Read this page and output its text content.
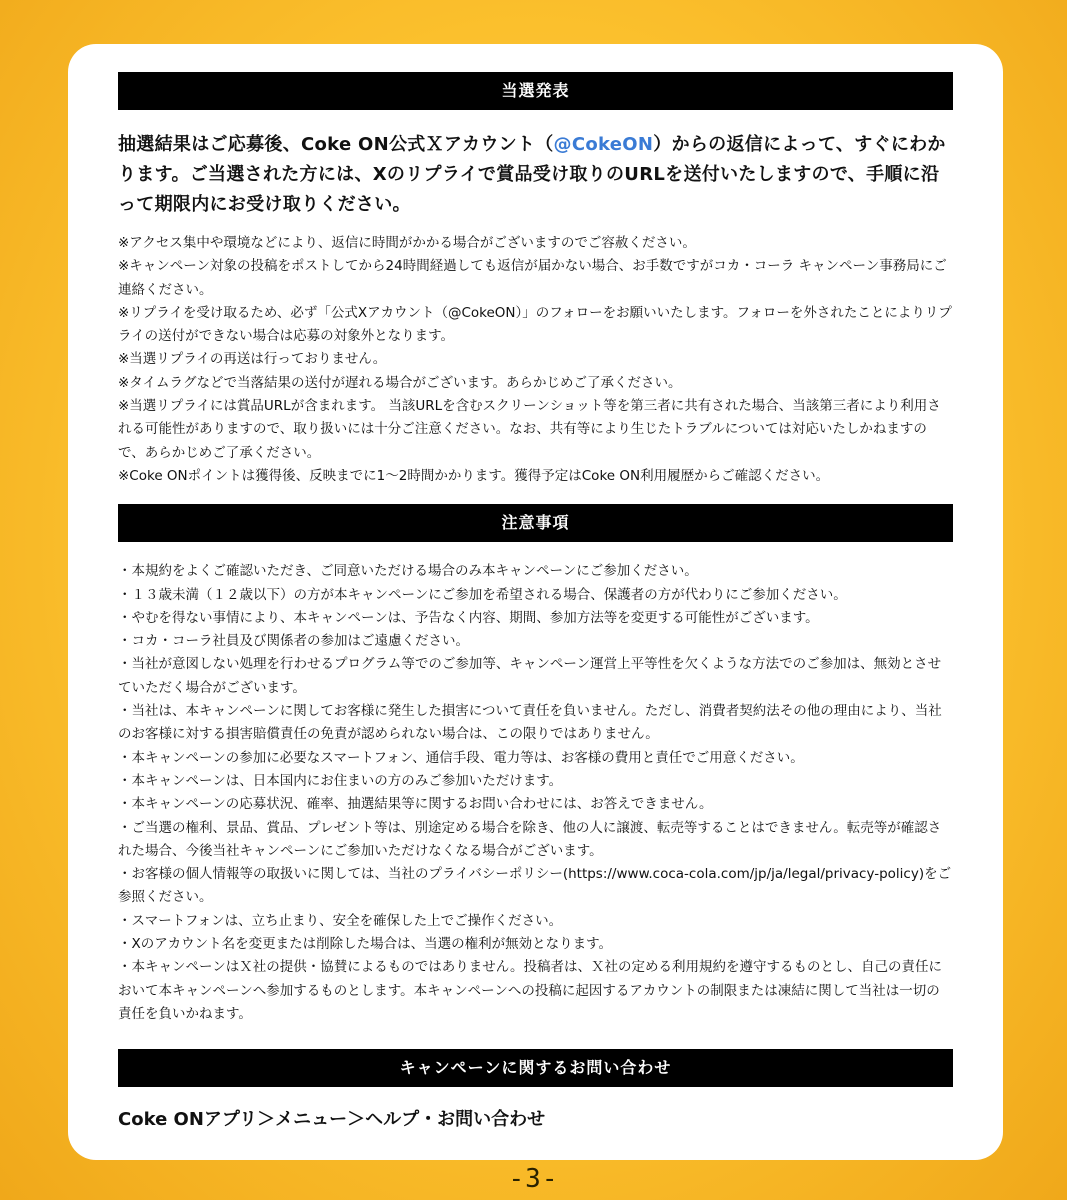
当選発表
抽選結果はご応募後、Coke ON公式Ｘアカウント（@CokeON）からの返信によって、すぐにわかります。ご当選された方には、Xのリプライで賞品受け取りのURLを送付いたしますので、手順に沿って期限内にお受け取りください。

※アクセス集中や環境などにより、返信に時間がかかる場合がございますのでご容赦ください。

※キャンペーン対象の投稿をポストしてから24時間経過しても返信が届かない場合、お手数ですがコカ・コーラ キャンペーン事務局にご連絡ください。

※リプライを受け取るため、必ず「公式Xアカウント（@CokeON）」のフォローをお願いいたします。フォローを外されたことによりリプライの送付ができない場合は応募の対象外となります。

※当選リプライの再送は行っておりません。

※タイムラグなどで当落結果の送付が遅れる場合がございます。あらかじめご了承ください。

※当選リプライには賞品URLが含まれます。 当該URLを含むスクリーンショット等を第三者に共有された場合、当該第三者により利用される可能性がありますので、取り扱いには十分ご注意ください。なお、共有等により生じたトラブルについては対応いたしかねますので、あらかじめご了承ください。

※Coke ONポイントは獲得後、反映までに1〜2時間かかります。獲得予定はCoke ON利用履歴からご確認ください。

注意事項

・本規約をよくご確認いただき、ご同意いただける場合のみ本キャンペーンにご参加ください。

・１３歳未満（１２歳以下）の方が本キャンペーンにご参加を希望される場合、保護者の方が代わりにご参加ください。

・やむを得ない事情により、本キャンペーンは、予告なく内容、期間、参加方法等を変更する可能性がございます。

・コカ・コーラ社員及び関係者の参加はご遠慮ください。

・当社が意図しない処理を行わせるプログラム等でのご参加等、キャンペーン運営上平等性を欠くような方法でのご参加は、無効とさせていただく場合がございます。

・当社は、本キャンペーンに関してお客様に発生した損害について責任を負いません。ただし、消費者契約法その他の理由により、当社のお客様に対する損害賠償責任の免責が認められない場合は、この限りではありません。

・本キャンペーンの参加に必要なスマートフォン、通信手段、電力等は、お客様の費用と責任でご用意ください。

・本キャンペーンは、日本国内にお住まいの方のみご参加いただけます。

・本キャンペーンの応募状況、確率、抽選結果等に関するお問い合わせには、お答えできません。

・ご当選の権利、景品、賞品、プレゼント等は、別途定める場合を除き、他の人に譲渡、転売等することはできません。転売等が確認された場合、今後当社キャンペーンにご参加いただけなくなる場合がございます。

・お客様の個人情報等の取扱いに関しては、当社のプライバシーポリシー(https://www.coca-cola.com/jp/ja/legal/privacy-policy)をご参照ください。

・スマートフォンは、立ち止まり、安全を確保した上でご操作ください。

・Xのアカウント名を変更または削除した場合は、当選の権利が無効となります。

・本キャンペーンはＸ社の提供・協賛によるものではありません。投稿者は、Ｘ社の定める利用規約を遵守するものとし、自己の責任において本キャンペーンへ参加するものとします。本キャンペーンへの投稿に起因するアカウントの制限または凍結に関して当社は一切の責任を負いかねます。

キャンペーンに関するお問い合わせ
Coke ONアプリ＞メニュー＞ヘルプ・お問い合わせ
-3-
